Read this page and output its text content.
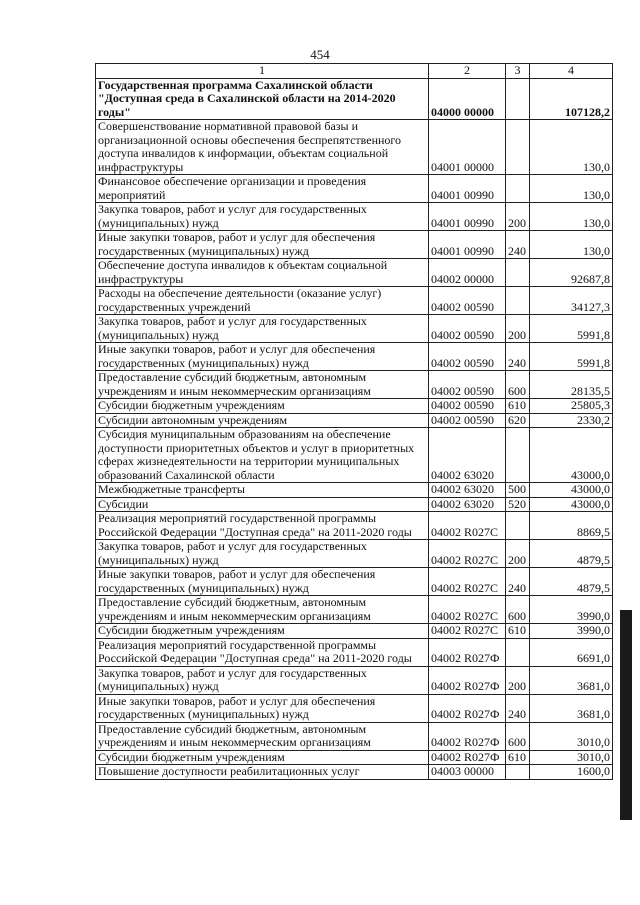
454
1	2	3	4
Государственная программа Сахалинской области "Доступная среда в Сахалинской области на 2014-2020 годы"	04000 00000		107128,2
Совершенствование нормативной правовой базы и организационной основы обеспечения беспрепятственного доступа инвалидов к информации, объектам социальной инфраструктуры	04001 00000		130,0
Финансовое обеспечение организации и проведения мероприятий	04001 00990		130,0
Закупка товаров, работ и услуг для государственных (муниципальных) нужд	04001 00990	200	130,0
Иные закупки товаров, работ и услуг для обеспечения государственных (муниципальных) нужд	04001 00990	240	130,0
Обеспечение доступа инвалидов к объектам социальной инфраструктуры	04002 00000		92687,8
Расходы на обеспечение деятельности (оказание услуг) государственных учреждений	04002 00590		34127,3
Закупка товаров, работ и услуг для государственных (муниципальных) нужд	04002 00590	200	5991,8
Иные закупки товаров, работ и услуг для обеспечения государственных (муниципальных) нужд	04002 00590	240	5991,8
Предоставление субсидий бюджетным, автономным учреждениям и иным некоммерческим организациям	04002 00590	600	28135,5
Субсидии бюджетным учреждениям	04002 00590	610	25805,3
Субсидии автономным учреждениям	04002 00590	620	2330,2
Субсидия муниципальным образованиям на обеспечение доступности приоритетных объектов и услуг в приоритетных сферах жизнедеятельности на территории муниципальных образований Сахалинской области	04002 63020		43000,0
Межбюджетные трансферты	04002 63020	500	43000,0
Субсидии	04002 63020	520	43000,0
Реализация мероприятий государственной программы Российской Федерации "Доступная среда" на 2011-2020 годы	04002 R027С		8869,5
Закупка товаров, работ и услуг для государственных (муниципальных) нужд	04002 R027С	200	4879,5
Иные закупки товаров, работ и услуг для обеспечения государственных (муниципальных) нужд	04002 R027С	240	4879,5
Предоставление субсидий бюджетным, автономным учреждениям и иным некоммерческим организациям	04002 R027С	600	3990,0
Субсидии бюджетным учреждениям	04002 R027С	610	3990,0
Реализация мероприятий государственной программы Российской Федерации "Доступная среда" на 2011-2020 годы	04002 R027Ф		6691,0
Закупка товаров, работ и услуг для государственных (муниципальных) нужд	04002 R027Ф	200	3681,0
Иные закупки товаров, работ и услуг для обеспечения государственных (муниципальных) нужд	04002 R027Ф	240	3681,0
Предоставление субсидий бюджетным, автономным учреждениям и иным некоммерческим организациям	04002 R027Ф	600	3010,0
Субсидии бюджетным учреждениям	04002 R027Ф	610	3010,0
Повышение доступности реабилитационных услуг	04003 00000		1600,0
